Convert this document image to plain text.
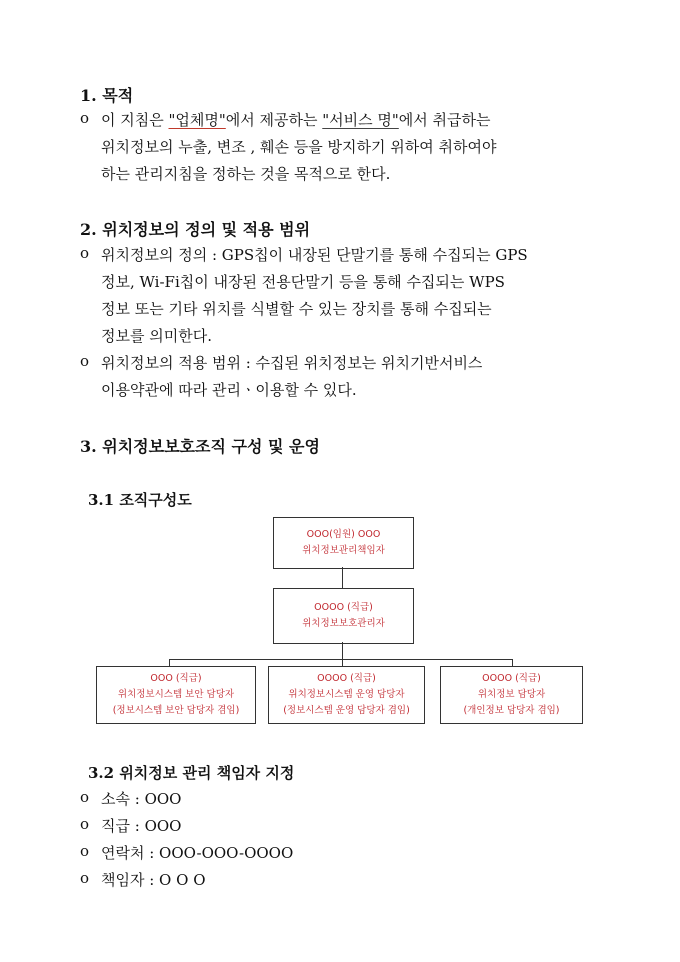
1. 목적
o 이 지침은 "업체명"에서 제공하는 "서비스 명"에서 취급하는
위치정보의 누출, 변조 , 훼손 등을 방지하기 위하여 취하여야
하는 관리지침을 정하는 것을 목적으로 한다.
2. 위치정보의 정의 및 적용 범위
o 위치정보의 정의 : GPS칩이 내장된 단말기를 통해 수집되는 GPS
정보, Wi-Fi칩이 내장된 전용단말기 등을 통해 수집되는 WPS
정보 또는 기타 위치를 식별할 수 있는 장치를 통해 수집되는
정보를 의미한다.
o 위치정보의 적용 범위 : 수집된 위치정보는 위치기반서비스
이용약관에 따라 관리ㆍ이용할 수 있다.
3. 위치정보보호조직 구성 및 운영
3.1 조직구성도
OOO(임원) OOO
위치정보관리책임자
OOOO (직급)
위치정보보호관리자
OOO (직급)
위치정보시스템 보안 담당자
(정보시스템 보안 담당자 겸임)
OOOO (직급)
위치정보시스템 운영 담당자
(정보시스템 운영 담당자 겸임)
OOOO (직급)
위치정보 담당자
(개인정보 담당자 겸임)
3.2 위치정보 관리 책임자 지정
o 소속 : OOO
o 직급 : OOO
o 연락처 : OOO-OOO-OOOO
o 책임자 : O O O
